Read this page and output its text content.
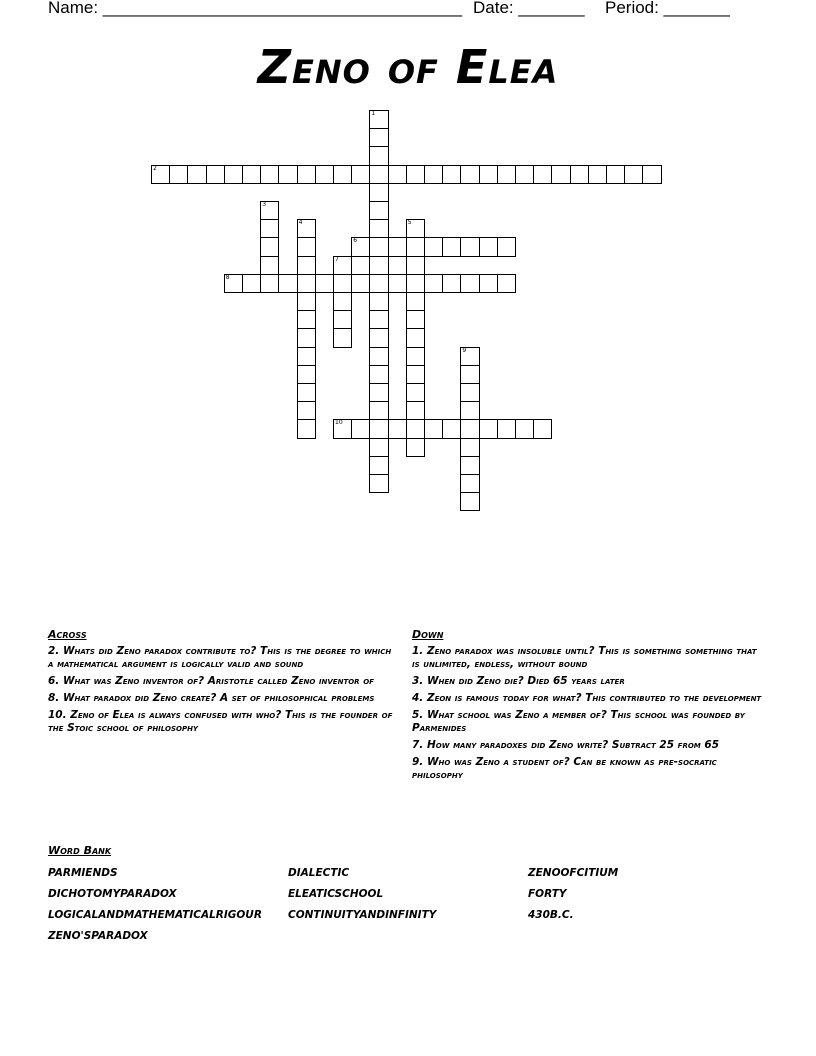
Name: ______________________________________ Date: _______ Period: _______
Zeno of Elea
1
2
3
4	5
6
7
8
9
10
Across
2. Whats did Zeno paradox contribute to? This is the degree to which a mathematical argument is logically valid and sound
6. What was Zeno inventor of? Aristotle called Zeno inventor of
8. What paradox did Zeno create? A set of philosophical problems
10. Zeno of Elea is always confused with who? This is the founder of the Stoic school of philosophy
Down
1. Zeno paradox was insoluble until? This is something something that is unlimited, endless, without bound
3. When did Zeno die? Died 65 years later
4. Zeon is famous today for what? This contributed to the development
5. What school was Zeno a member of? This school was founded by Parmenides
7. How many paradoxes did Zeno write? Subtract 25 from 65
9. Who was Zeno a student of? Can be known as pre-socratic philosophy
Word Bank
PARMIENDS	DIALECTIC	ZENOOFCITIUM
DICHOTOMYPARADOX	ELEATICSCHOOL	FORTY
LOGICALANDMATHEMATICALRIGOUR	CONTINUITYANDINFINITY	430B.C.
ZENO'SPARADOX
